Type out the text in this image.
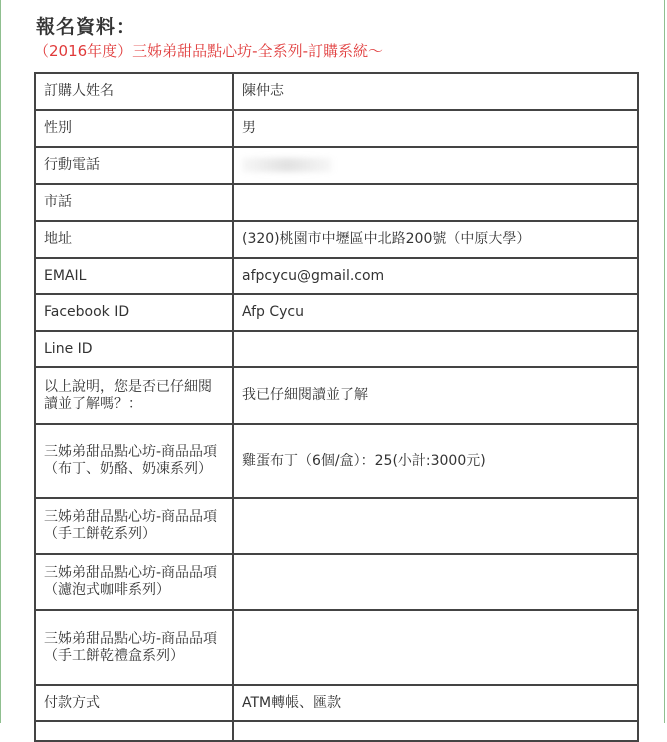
報名資料：
（2016年度）三姊弟甜品點心坊-全系列-訂購系統～
訂購人姓名	陳仲志
性別	男
行動電話	
市話	
地址	(320)桃園市中壢區中北路200號（中原大學）
EMAIL	afpcycu@gmail.com
Facebook ID	Afp Cycu
Line ID	
以上說明，您是否已仔細閱讀並了解嗎？：	我已仔細閱讀並了解
三姊弟甜品點心坊-商品品項（布丁、奶酪、奶凍系列）	雞蛋布丁（6個/盒）：25(小計:3000元)
三姊弟甜品點心坊-商品品項（手工餅乾系列）	
三姊弟甜品點心坊-商品品項（濾泡式咖啡系列）	
三姊弟甜品點心坊-商品品項（手工餅乾禮盒系列）	
付款方式	ATM轉帳、匯款
